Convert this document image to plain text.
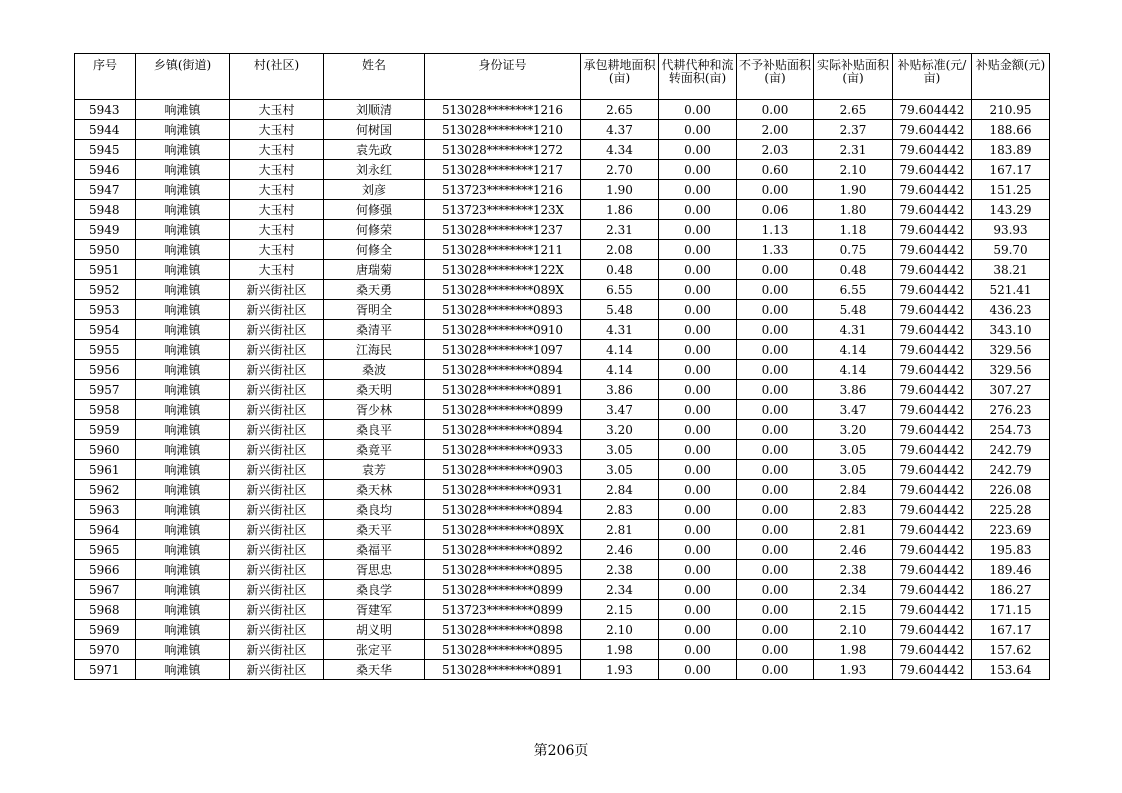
序号	乡镇(街道)	村(社区)	姓名	身份证号	承包耕地面积(亩)	代耕代种和流转面积(亩)	不予补贴面积(亩)	实际补贴面积(亩)	补贴标准(元/亩)	补贴金额(元)
5943	响滩镇	大玉村	刘顺清	513028********1216	2.65	0.00	0.00	2.65	79.604442	210.95
5944	响滩镇	大玉村	何树国	513028********1210	4.37	0.00	2.00	2.37	79.604442	188.66
5945	响滩镇	大玉村	袁先政	513028********1272	4.34	0.00	2.03	2.31	79.604442	183.89
5946	响滩镇	大玉村	刘永红	513028********1217	2.70	0.00	0.60	2.10	79.604442	167.17
5947	响滩镇	大玉村	刘彦	513723********1216	1.90	0.00	0.00	1.90	79.604442	151.25
5948	响滩镇	大玉村	何修强	513723********123X	1.86	0.00	0.06	1.80	79.604442	143.29
5949	响滩镇	大玉村	何修荣	513028********1237	2.31	0.00	1.13	1.18	79.604442	93.93
5950	响滩镇	大玉村	何修全	513028********1211	2.08	0.00	1.33	0.75	79.604442	59.70
5951	响滩镇	大玉村	唐瑞菊	513028********122X	0.48	0.00	0.00	0.48	79.604442	38.21
5952	响滩镇	新兴街社区	桑天勇	513028********089X	6.55	0.00	0.00	6.55	79.604442	521.41
5953	响滩镇	新兴街社区	胥明全	513028********0893	5.48	0.00	0.00	5.48	79.604442	436.23
5954	响滩镇	新兴街社区	桑清平	513028********0910	4.31	0.00	0.00	4.31	79.604442	343.10
5955	响滩镇	新兴街社区	江海民	513028********1097	4.14	0.00	0.00	4.14	79.604442	329.56
5956	响滩镇	新兴街社区	桑波	513028********0894	4.14	0.00	0.00	4.14	79.604442	329.56
5957	响滩镇	新兴街社区	桑天明	513028********0891	3.86	0.00	0.00	3.86	79.604442	307.27
5958	响滩镇	新兴街社区	胥少林	513028********0899	3.47	0.00	0.00	3.47	79.604442	276.23
5959	响滩镇	新兴街社区	桑良平	513028********0894	3.20	0.00	0.00	3.20	79.604442	254.73
5960	响滩镇	新兴街社区	桑竟平	513028********0933	3.05	0.00	0.00	3.05	79.604442	242.79
5961	响滩镇	新兴街社区	袁芳	513028********0903	3.05	0.00	0.00	3.05	79.604442	242.79
5962	响滩镇	新兴街社区	桑天林	513028********0931	2.84	0.00	0.00	2.84	79.604442	226.08
5963	响滩镇	新兴街社区	桑良均	513028********0894	2.83	0.00	0.00	2.83	79.604442	225.28
5964	响滩镇	新兴街社区	桑天平	513028********089X	2.81	0.00	0.00	2.81	79.604442	223.69
5965	响滩镇	新兴街社区	桑福平	513028********0892	2.46	0.00	0.00	2.46	79.604442	195.83
5966	响滩镇	新兴街社区	胥思忠	513028********0895	2.38	0.00	0.00	2.38	79.604442	189.46
5967	响滩镇	新兴街社区	桑良学	513028********0899	2.34	0.00	0.00	2.34	79.604442	186.27
5968	响滩镇	新兴街社区	胥建军	513723********0899	2.15	0.00	0.00	2.15	79.604442	171.15
5969	响滩镇	新兴街社区	胡义明	513028********0898	2.10	0.00	0.00	2.10	79.604442	167.17
5970	响滩镇	新兴街社区	张定平	513028********0895	1.98	0.00	0.00	1.98	79.604442	157.62
5971	响滩镇	新兴街社区	桑天华	513028********0891	1.93	0.00	0.00	1.93	79.604442	153.64
第206页
